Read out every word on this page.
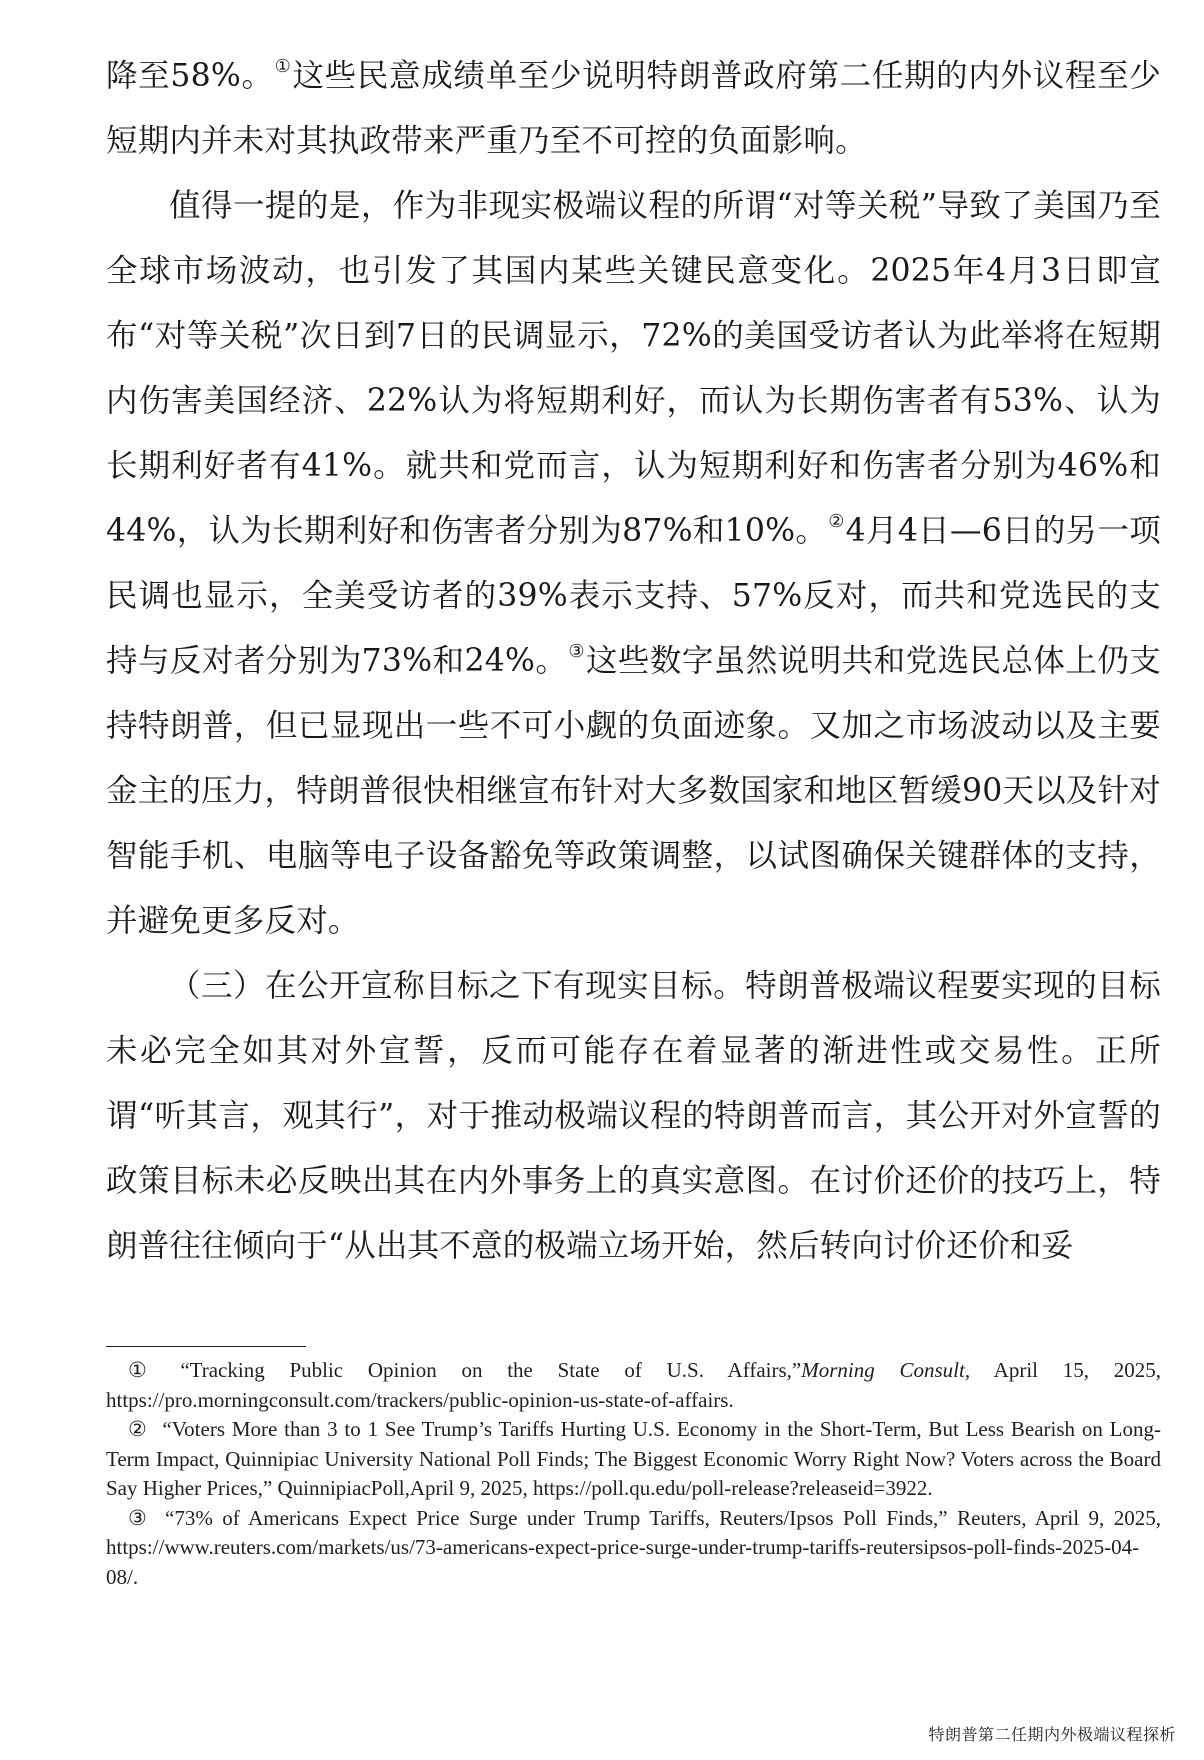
降至58%。①这些民意成绩单至少说明特朗普政府第二任期的内外议程至少短期内并未对其执政带来严重乃至不可控的负面影响。

值得一提的是，作为非现实极端议程的所谓“对等关税”导致了美国乃至全球市场波动，也引发了其国内某些关键民意变化。2025年4月3日即宣布“对等关税”次日到7日的民调显示，72%的美国受访者认为此举将在短期内伤害美国经济、22%认为将短期利好，而认为长期伤害者有53%、认为长期利好者有41%。就共和党而言，认为短期利好和伤害者分别为46%和44%，认为长期利好和伤害者分别为87%和10%。②4月4日—6日的另一项民调也显示，全美受访者的39%表示支持、57%反对，而共和党选民的支持与反对者分别为73%和24%。③这些数字虽然说明共和党选民总体上仍支持特朗普，但已显现出一些不可小觑的负面迹象。又加之市场波动以及主要金主的压力，特朗普很快相继宣布针对大多数国家和地区暂缓90天以及针对智能手机、电脑等电子设备豁免等政策调整，以试图确保关键群体的支持，并避免更多反对。

（三）在公开宣称目标之下有现实目标。特朗普极端议程要实现的目标未必完全如其对外宣誓，反而可能存在着显著的渐进性或交易性。正所谓“听其言，观其行”，对于推动极端议程的特朗普而言，其公开对外宣誓的政策目标未必反映出其在内外事务上的真实意图。在讨价还价的技巧上，特朗普往往倾向于“从出其不意的极端立场开始，然后转向讨价还价和妥

① “Tracking Public Opinion on the State of U.S. Affairs,”Morning Consult, April 15, 2025, https://pro.morningconsult.com/trackers/public-opinion-us-state-of-affairs.

② “Voters More than 3 to 1 See Trump’s Tariffs Hurting U.S. Economy in the Short-Term, But Less Bearish on Long-Term Impact, Quinnipiac University National Poll Finds; The Biggest Economic Worry Right Now? Voters across the Board Say Higher Prices,” QuinnipiacPoll,April 9, 2025, https://poll.qu.edu/poll-release?releaseid=3922.

③ “73% of Americans Expect Price Surge under Trump Tariffs, Reuters/Ipsos Poll Finds,” Reuters, April 9, 2025, https://www.reuters.com/markets/us/73-americans-expect-price-surge-under-trump-tariffs-reutersipsos-poll-finds-2025-04-08/.

特朗普第二任期内外极端议程探析
